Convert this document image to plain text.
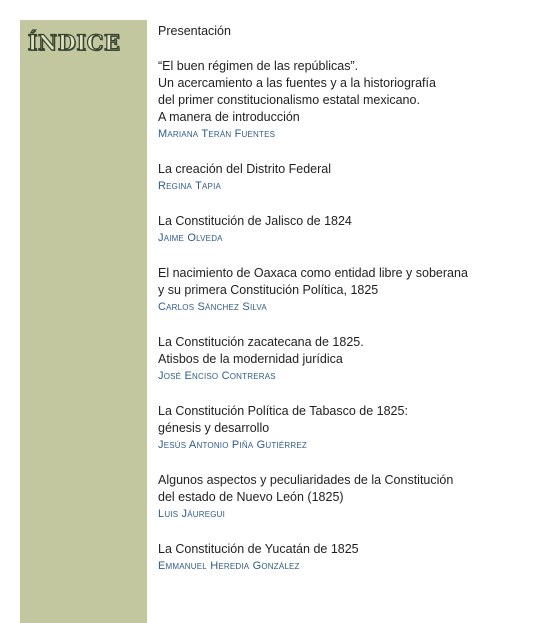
ÍNDICE	Presentación
“El buen régimen de las repúblicas”.
Un acercamiento a las fuentes y a la historiografía
del primer constitucionalismo estatal mexicano.
A manera de introducción
Mariana Terán Fuentes
La creación del Distrito Federal
Regina Tapia
La Constitución de Jalisco de 1824
Jaime Olveda
El nacimiento de Oaxaca como entidad libre y soberana
y su primera Constitución Política, 1825
Carlos Sánchez Silva
La Constitución zacatecana de 1825.
Atisbos de la modernidad jurídica
José Enciso Contreras
La Constitución Política de Tabasco de 1825:
génesis y desarrollo
Jesús Antonio Piña Gutiérrez
Algunos aspectos y peculiaridades de la Constitución
del estado de Nuevo León (1825)
Luis Jáuregui
La Constitución de Yucatán de 1825
Emmanuel Heredia González
